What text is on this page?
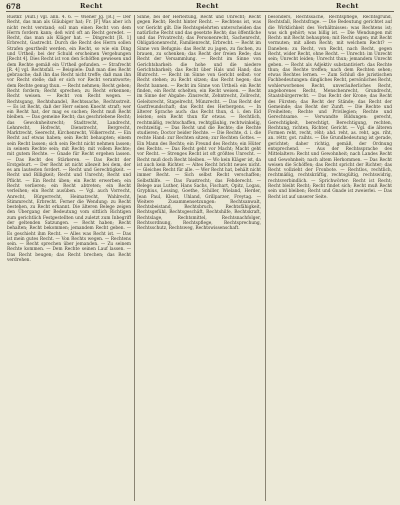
678	Recht	Recht	Recht

Rüstkr. (Aufl.) vgl. ann. 4. 6. — Wiener Jg. [R.] — Der Recht, das man als Gläubiger hat; Fr. [F] Was aber ich nicht recht verstand; soll man einen Recht von dem Herrn fordern kann; deß wird oft an Recht geredet. — Recht, das man als Kläger hat. — Dingrecht [R. 1] Erbrecht, Gastrecht. Durch die Recht des Herrn sollen Strafen geurtheilt werden, ein Recht, so wie ein Ding und Urtheil; bei der Schuld erscheinen Vergehungen [Recht 4]. Dies Recht ist von den Schöffen gewiesen und dem Rechte gemäß ein Urtheil gefunden. — Strafrecht [R. 4] vgl. Rechtsfall. — Beispiele: Daß man dies Recht gebrauche; daß ihn das Recht nicht treffe; daß man ihn vor Recht stelle; daß er sich vor Recht verantworte; dem Rechte genug thun. — Recht nehmen; Recht geben; Recht fordern; Recht sprechen; zu Recht erkennen; Recht weisen. — Recht von Recht wegen. — Rechtsgang, Rechtshandel, Rechtssache, Rechtsstreit. — Es ist Recht, daß der Herr seinen Knecht straft; wer ein Recht hat, der mag es suchen; Recht muß Recht bleiben. — Das gemeine Recht; das geschriebene Recht; das Gewohnheitsrecht; Stadtrecht, Landrecht, Lehnrecht, Hofrecht, Dienstrecht, Bergrecht, Marktrecht, Seerecht, Kirchenrecht, Völkerrecht. — Ein Recht auf etwas haben; sein Recht behaupten; einem sein Recht lassen; sich sein Recht nicht nehmen lassen; in seinem Rechte sein; mit Recht; mit vollem Rechte; mit gutem Rechte. — Gnade für Recht ergehen lassen. — Das Recht des Stärkeren. — Das Recht der Erstgeburt. — Der Recht ist nicht allezeit bei dem, der es am lautesten fordert. — Recht und Gerechtigkeit. — Recht und Billigkeit; Recht und Unrecht; Recht und Pflicht. — Ein Recht üben; ein Recht erwerben; ein Recht verlieren; ein Recht abtreten; ein Recht verleihen; ein Recht ausüben. — Vgl. auch Vorrecht, Anrecht, Bürgerrecht, Heimatrecht, Wahlrecht, Stimmrecht, Erbrecht. Ferner die Wendung: zu Recht bestehen, zu Recht erkannt. Die älteren Belege zeigen den Übergang der Bedeutung vom sittlich Richtigen zum gerichtlich Festgestellten und zuletzt zum Inbegriff der geltenden Satzungen. — Recht haben; Recht behalten; Recht bekommen; jemandem Recht geben. — Es geschieht ihm Recht. — Alles was Recht ist. — Das ist mein gutes Recht. — Von Rechts wegen. — Rechtens sein. — Recht sprechen über jemanden. — Zu seinem Rechte kommen. — Dem Rechte seinen Lauf lassen. — Das Recht beugen; das Recht brechen; das Recht verdrehen.

Sinne, bei der Herleitung, Recht und Unrecht; Recht gegen Recht; Recht hinter Recht. — Rechtens ist, was vor Gericht gilt. Die Rechtsgelehrten unterscheiden das natürliche Recht und das gesetzte Recht; das öffentliche und das Privatrecht; das Personenrecht, Sachenrecht, Obligationenrecht, Familienrecht, Erbrecht. — Recht im Sinne von Befugnis: das Recht zu jagen, zu fischen, zu brauen, zu schenken; das Recht der freien Rede; das Recht der Versammlung. — Recht im Sinne von Gerichtsbarkeit: die hohe und die niedere Gerichtsbarkeit; das Recht über Hals und Hand; das Blutrecht. — Recht im Sinne von Gericht selbst: vor Recht stehen; zu Recht sitzen; das Recht hegen; das Recht bannen. — Recht im Sinne von Urtheil: ein Recht finden, ein Recht schelten, ein Recht weisen. — Recht im Sinne der Abgabe: Zinsrecht, Zehntrecht, Zollrecht, Geleitsrecht, Stapelrecht, Münzrecht. — Das Recht der Gastfreundschaft; das Recht des Herbergens. — In älterer Sprache auch: das Recht thun, d. i. den Eid leisten; sein Recht thun für etwas. — Rechtlich, rechtmäßig, rechtschaffen, rechtgläubig, rechtwinkelig, rechtzeitig. — Das Recht und die Rechte; die Rechte studieren; Doctor beider Rechte. — Die Rechte, d. i. die rechte Hand: zur Rechten sitzen; zur Rechten Gottes. — Ein Mann des Rechts; ein Freund des Rechts; ein Hüter des Rechts. — Das Recht geht vor Macht; Macht geht vor Recht. — Strenges Recht ist oft größtes Unrecht. — Recht muß doch Recht bleiben. — Wo kein Kläger ist, da ist auch kein Richter. — Altes Recht bricht neues nicht. — Gleiches Recht für alle. — Wer Recht hat, behält nicht immer Recht. — Sich selbst Recht verschaffen; Selbsthilfe. — Das Faustrecht; das Fehderecht. — Belege aus Luther, Hans Sachs, Fischart, Opitz, Logau, Gryphius, Lessing, Goethe, Schiller, Wieland, Herder, Jean Paul, Kleist, Uhland, Grillparzer, Freytag. — Weitere Zusammensetzungen: Rechtsanwalt, Rechtsbeistand, Rechtsbruch, Rechtsfähigkeit, Rechtsgefühl, Rechtsgeschäft, Rechtshilfe, Rechtskraft, Rechtslage, Rechtsmittel, Rechtsnachfolger, Rechtsordnung, Rechtspflege, Rechtsprechung, Rechtsschutz, Rechtsweg, Rechtswissenschaft.

besonders, Rechtssache, Rechtspflege, Rechtsgrund, Rechtsfall, Rechtsfrage. — Die Bedeutung gerichtet auf die Wirklichkeit des Verhältnisses: was Rechtens ist; was sich gehört; was billig ist. — Die Wendungen mit Recht: mit Recht behaupten; mit Recht sagen; mit Recht vermuten; mit allem Recht; mit welchem Recht? — Daneben: zu Recht, von Recht, nach Recht, gegen Recht, wider Recht, ohne Recht. — Unrecht: im Unrecht sein; Unrecht leiden; Unrecht thun; jemandem Unrecht geben. — Recht als Adjektiv substantiviert: das Rechte thun; das Rechte treffen; nach dem Rechten sehen; etwas Rechtes lernen. — Zum Schluß die juristischen Fachbedeutungen: dingliches Recht, persönliches Recht, wohlerworbenes Recht, unveräußerliches Recht, angeborenes Recht, Menschenrecht, Grundrecht, Staatsbürgerrecht. — Das Recht der Krone; das Recht des Fürsten; das Recht der Stände; das Recht der Gemeinde; das Recht der Zunft. — Die Rechte und Freiheiten; Rechte und Privilegien; Rechte und Gerechtsame. — Verwandte Bildungen: gerecht, Gerechtigkeit, berechtigt, Berechtigung, rechten, Rechtung, richten, Richter, Gericht. — Vgl. die älteren Formen reht, recht, rëht; ahd. reht, as. reht, ags. riht, an. réttr, got. raihts. — Die Grundbedeutung ist gerade, gerichtet; daher richtig, gemäß, der Ordnung entsprechend. — Aus der Rechtssprache des Mittelalters: Recht und Gewohnheit; nach Landes Recht und Gewohnheit; nach altem Herkommen. — Das Recht weisen die Schöffen; das Recht spricht der Richter; das Recht vollzieht der Fronbote. — Rechtlos, rechtlich, rechtmäßig, rechtskräftig, rechtsgültig, rechtswidrig, rechtsverbindlich. — Sprichwörter: Recht ist Recht; Recht bleibt Recht; Recht findet sich; Recht muß Recht sein und bleiben; Recht und Gnade ist zweierlei. — Das Recht ist auf unserer Seite.
